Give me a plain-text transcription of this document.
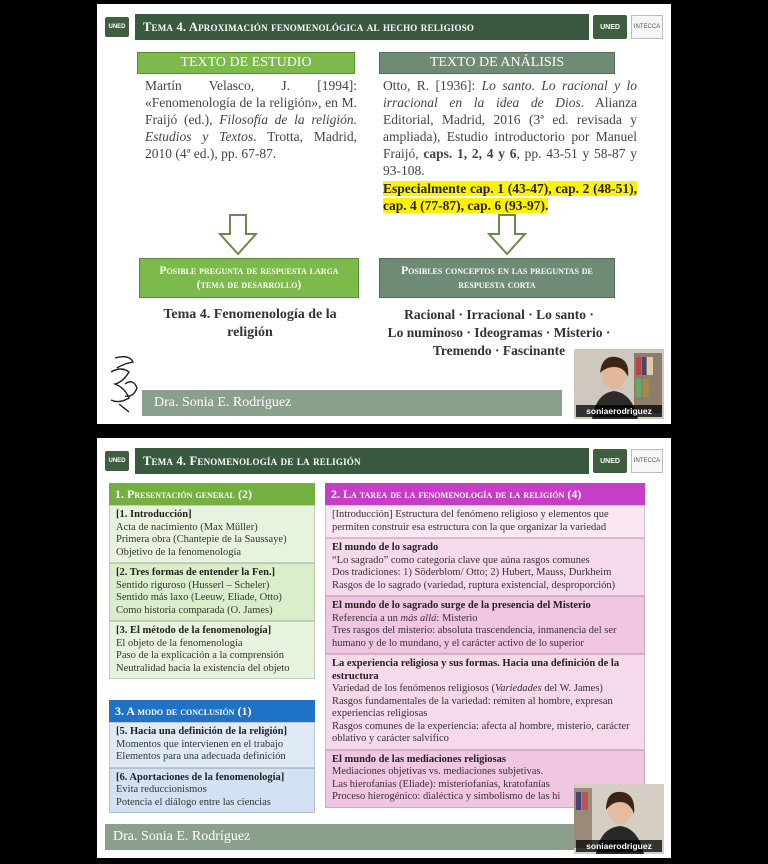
UNED	Tema 4. Aproximación fenomenológica al hecho religioso	UNED	INTECCA
TEXTO DE ESTUDIO	TEXTO DE ANÁLISIS
Martín Velasco, J. [1994]: «Fenomenología de la religión», en M. Fraijó (ed.), Filosofía de la religión. Estudios y Textos. Trotta, Madrid, 2010 (4ª ed.), pp. 67-87.
Otto, R. [1936]: Lo santo. Lo racional y lo irracional en la idea de Dios. Alianza Editorial, Madrid, 2016 (3ª ed. revisada y ampliada), Estudio introductorio por Manuel Fraijó, caps. 1, 2, 4 y 6, pp. 43-51 y 58-87 y 93-108.
Especialmente cap. 1 (43-47), cap. 2 (48-51), cap. 4 (77-87), cap. 6 (93-97).
Posible pregunta de respuesta larga (tema de desarrollo)
Posibles conceptos en las preguntas de respuesta corta
Tema 4. Fenomenología de la religión
Racional · Irracional · Lo santo ·
Lo numinoso · Ideogramas · Misterio ·
Tremendo · Fascinante
Dra. Sonia E. Rodríguez
soniaerodriguez
UNED	Tema 4. Fenomenología de la religión	UNED	INTECCA
1. Presentación general (2)
[1. Introducción]
Acta de nacimiento (Max Müller)
Primera obra (Chantepie de la Saussaye)
Objetivo de la fenomenología
[2. Tres formas de entender la Fen.]
Sentido riguroso (Husserl – Scheler)
Sentido más laxo (Leeuw, Eliade, Otto)
Como historia comparada (O. James)
[3. El método de la fenomenología]
El objeto de la fenomenología
Paso de la explicación a la comprensión
Neutralidad hacia la existencia del objeto
3. A modo de conclusión (1)
[5. Hacia una definición de la religión]
Momentos que intervienen en el trabajo
Elementos para una adecuada definición
[6. Aportaciones de la fenomenología]
Evita reduccionismos
Potencia el diálogo entre las ciencias
2. La tarea de la fenomenología de la religión (4)
[Introducción] Estructura del fenómeno religioso y elementos que permiten construir esa estructura con la que organizar la variedad
El mundo de lo sagrado
“Lo sagrado” como categoría clave que aúna rasgos comunes
Dos tradiciones: 1) Söderblom/ Otto; 2) Hubert, Mauss, Durkheim
Rasgos de lo sagrado (variedad, ruptura existencial, desproporción)
El mundo de lo sagrado surge de la presencia del Misterio
Referencia a un más allá: Misterio
Tres rasgos del misterio: absoluta trascendencia, inmanencia del ser humano y de lo mundano, y el carácter activo de lo superior
La experiencia religiosa y sus formas. Hacia una definición de la estructura
Variedad de los fenómenos religiosos (Variedades del W. James)
Rasgos fundamentales de la variedad: remiten al hombre, expresan experiencias religiosas
Rasgos comunes de la experiencia: afecta al hombre, misterio, carácter oblativo y carácter salvífico
El mundo de las mediaciones religiosas
Mediaciones objetivas vs. mediaciones subjetivas.
Las hierofanías (Eliade): misteriofanías, kratofanías
Proceso hierogénico: dialéctica y simbolismo de las hi
Dra. Sonia E. Rodríguez
soniaerodriguez
